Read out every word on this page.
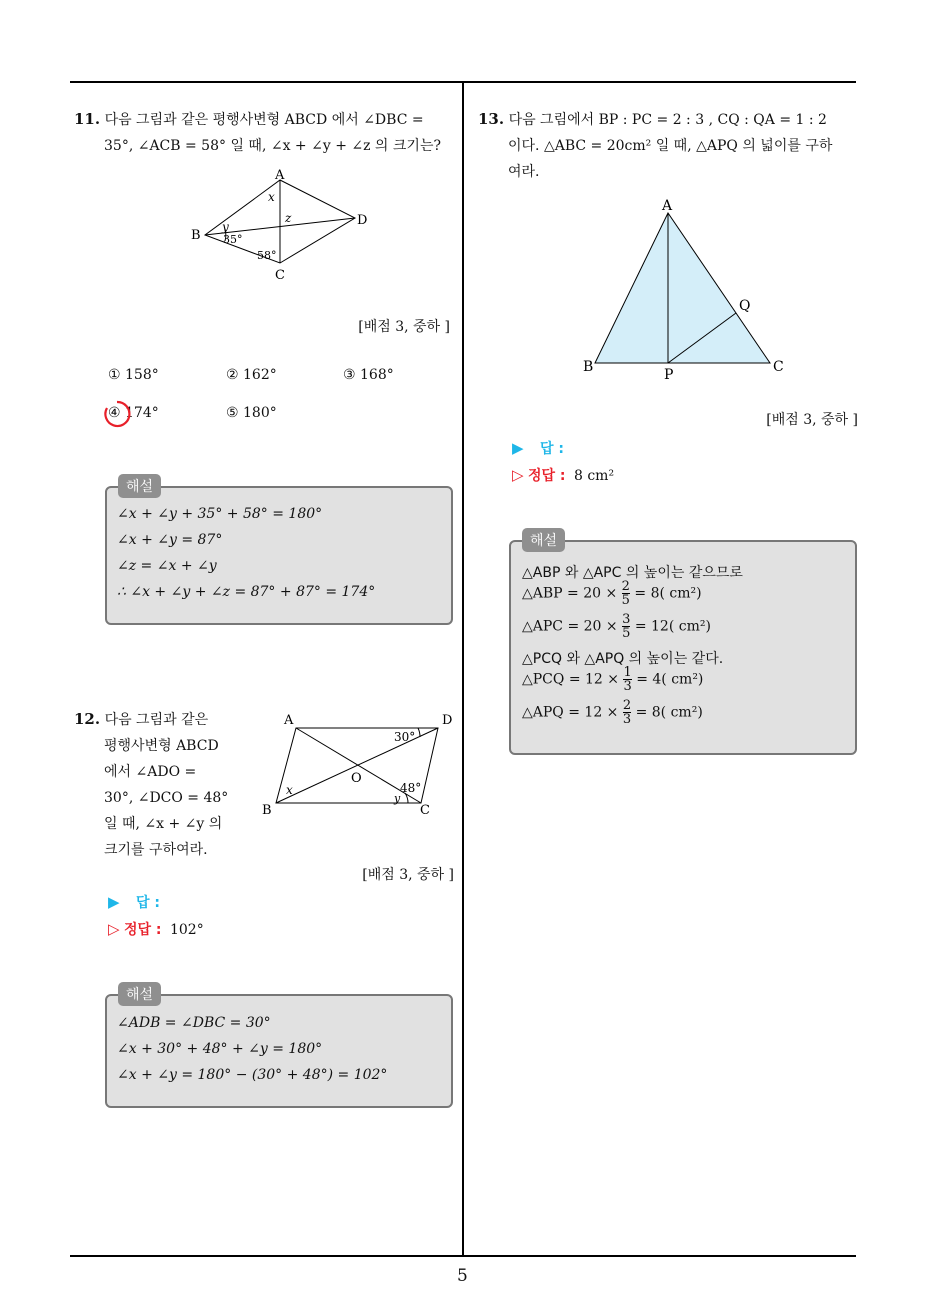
11. 다음 그림과 같은 평행사변형 ABCD 에서 ∠DBC =
35°, ∠ACB = 58° 일 때, ∠x + ∠y + ∠z 의 크기는?
A
B
C
D
x
y
z
35°
58°
[배점 3, 중하 ]
① 158°	② 162°	③ 168°
④ 174°	⑤ 180°
해설
∠x + ∠y + 35° + 58° = 180°
∠x + ∠y = 87°
∠z = ∠x + ∠y
∴ ∠x + ∠y + ∠z = 87° + 87° = 174°
12. 다음 그림과 같은
평행사변형 ABCD
에서 ∠ADO =
30°, ∠DCO = 48°
일 때, ∠x + ∠y 의
크기를 구하여라.
A	D
B	C
O
x
y
30°
48°
[배점 3, 중하 ]
▶ 답 :
▷ 정답 : 102°
해설
∠ADB = ∠DBC = 30°
∠x + 30° + 48° + ∠y = 180°
∠x + ∠y = 180° − (30° + 48°) = 102°
13. 다음 그림에서 BP : PC = 2 : 3 , CQ : QA = 1 : 2
이다. △ABC = 20cm² 일 때, △APQ 의 넓이를 구하
여라.
A
B	C
P
Q
[배점 3, 중하 ]
▶ 답 :
▷ 정답 : 8 cm²
해설
△ABP 와 △APC 의 높이는 같으므로
△ABP = $20 \times \frac{2}{5} = 8$( cm²)
△APC = $20 \times \frac{3}{5} = 12$( cm²)
△PCQ 와 △APQ 의 높이는 같다.
△PCQ = $12 \times \frac{1}{3} = 4$( cm²)
△APQ = $12 \times \frac{2}{3} = 8$( cm²)
5
